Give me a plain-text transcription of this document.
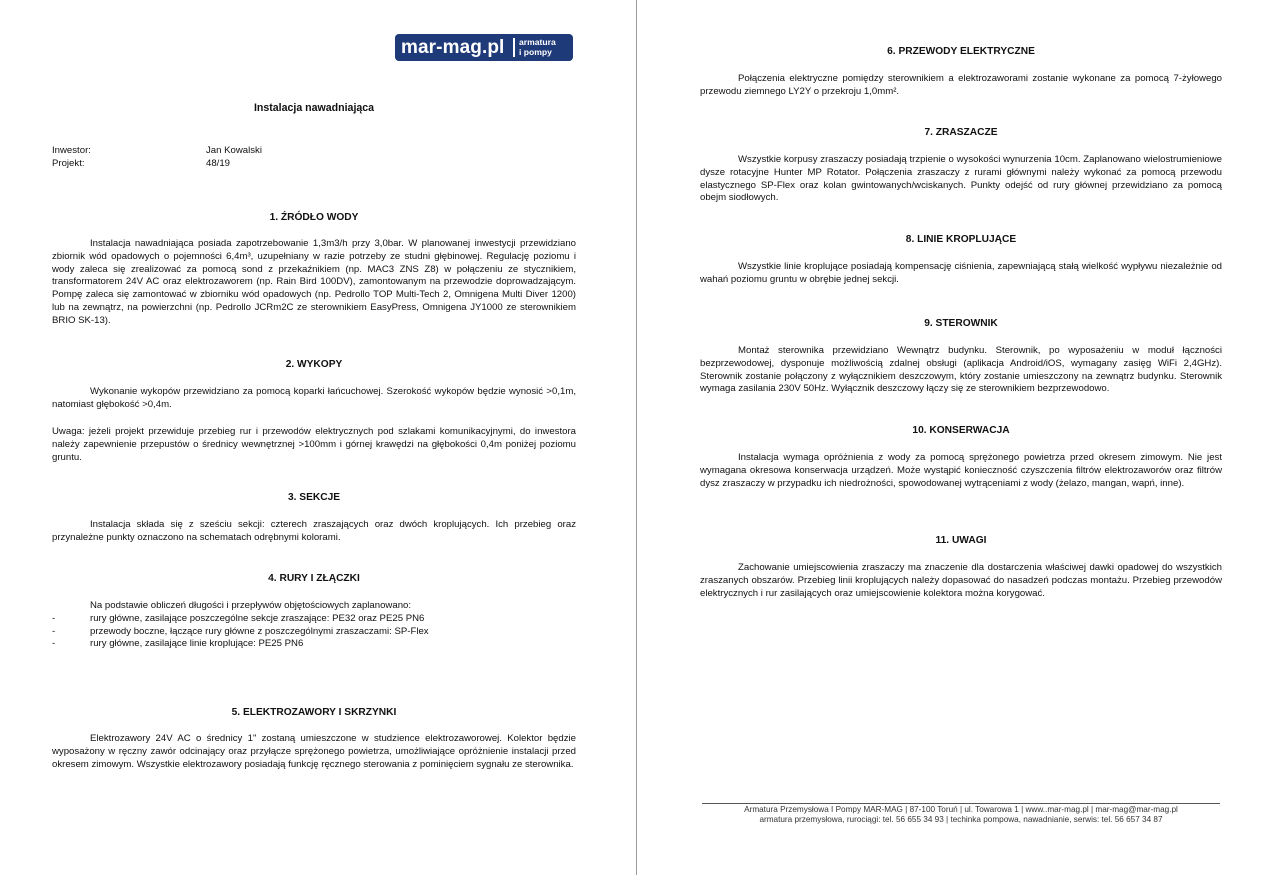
mar-mag.pl armatura
i pompy
Instalacja nawadniająca
Inwestor:	Jan Kowalski
Projekt:	48/19
1. ŹRÓDŁO WODY
Instalacja nawadniająca posiada zapotrzebowanie 1,3m3/h przy 3,0bar. W planowanej inwestycji przewidziano zbiornik wód opadowych o pojemności 6,4m³, uzupełniany w razie potrzeby ze studni głębinowej. Regulację poziomu i wody zaleca się zrealizować za pomocą sond z przekaźnikiem (np. MAC3 ZNS Z8) w połączeniu ze stycznikiem, transformatorem 24V AC oraz elektrozaworem (np. Rain Bird 100DV), zamontowanym na przewodzie doprowadzającym. Pompę zaleca się zamontować w zbiorniku wód opadowych (np. Pedrollo TOP Multi-Tech 2, Omnigena Multi Diver 1200) lub na zewnątrz, na powierzchni (np. Pedrollo JCRm2C ze sterownikiem EasyPress, Omnigena JY1000 ze sterownikiem BRIO SK-13).
2. WYKOPY
Wykonanie wykopów przewidziano za pomocą koparki łańcuchowej. Szerokość wykopów będzie wynosić >0,1m, natomiast głębokość >0,4m.
Uwaga: jeżeli projekt przewiduje przebieg rur i przewodów elektrycznych pod szlakami komunikacyjnymi, do inwestora należy zapewnienie przepustów o średnicy wewnętrznej >100mm i górnej krawędzi na głębokości 0,4m poniżej poziomu gruntu.
3. SEKCJE
Instalacja składa się z sześciu sekcji: czterech zraszających oraz dwóch kroplujących. Ich przebieg oraz przynależne punkty oznaczono na schematach odrębnymi kolorami.
4. RURY I ZŁĄCZKI
Na podstawie obliczeń długości i przepływów objętościowych zaplanowano:
-	rury główne, zasilające poszczególne sekcje zraszające: PE32 oraz PE25 PN6
-	przewody boczne, łączące rury główne z poszczególnymi zraszaczami: SP-Flex
-	rury główne, zasilające linie kroplujące: PE25 PN6
5. ELEKTROZAWORY I SKRZYNKI
Elektrozawory 24V AC o średnicy 1" zostaną umieszczone w studzience elektrozaworowej. Kolektor będzie wyposażony w ręczny zawór odcinający oraz przyłącze sprężonego powietrza, umożliwiające opróżnienie instalacji przed okresem zimowym. Wszystkie elektrozawory posiadają funkcję ręcznego sterowania z pominięciem sygnału ze sterownika.
6. PRZEWODY ELEKTRYCZNE
Połączenia elektryczne pomiędzy sterownikiem a elektrozaworami zostanie wykonane za pomocą 7-żyłowego przewodu ziemnego LY2Y o przekroju 1,0mm².
7. ZRASZACZE
Wszystkie korpusy zraszaczy posiadają trzpienie o wysokości wynurzenia 10cm. Zaplanowano wielostrumieniowe dysze rotacyjne Hunter MP Rotator. Połączenia zraszaczy z rurami głównymi należy wykonać za pomocą przewodu elastycznego SP-Flex oraz kolan gwintowanych/wciskanych. Punkty odejść od rury głównej przewidziano za pomocą obejm siodłowych.
8. LINIE KROPLUJĄCE
Wszystkie linie kroplujące posiadają kompensację ciśnienia, zapewniającą stałą wielkość wypływu niezależnie od wahań poziomu gruntu w obrębie jednej sekcji.
9. STEROWNIK
Montaż sterownika przewidziano Wewnątrz budynku. Sterownik, po wyposażeniu w moduł łączności bezprzewodowej, dysponuje możliwością zdalnej obsługi (aplikacja Android/iOS, wymagany zasięg WiFi 2,4GHz). Sterownik zostanie połączony z wyłącznikiem deszczowym, który zostanie umieszczony na zewnątrz budynku. Sterownik wymaga zasilania 230V 50Hz. Wyłącznik deszczowy łączy się ze sterownikiem bezprzewodowo.
10. KONSERWACJA
Instalacja wymaga opróżnienia z wody za pomocą sprężonego powietrza przed okresem zimowym. Nie jest wymagana okresowa konserwacja urządzeń. Może wystąpić konieczność czyszczenia filtrów elektrozaworów oraz filtrów dysz zraszaczy w przypadku ich niedrożności, spowodowanej wytrąceniami z wody (żelazo, mangan, wapń, inne).
11. UWAGI
Zachowanie umiejscowienia zraszaczy ma znaczenie dla dostarczenia właściwej dawki opadowej do wszystkich zraszanych obszarów. Przebieg linii kroplujących należy dopasować do nasadzeń podczas montażu. Przebieg przewodów elektrycznych i rur zasilających oraz umiejscowienie kolektora można korygować.
Armatura Przemysłowa I Pompy MAR-MAG | 87-100 Toruń | ul. Towarowa 1 | www..mar-mag.pl | mar-mag@mar-mag.pl
armatura przemysłowa, rurociągi: tel. 56 655 34 93 | techinka pompowa, nawadnianie, serwis: tel. 56 657 34 87
